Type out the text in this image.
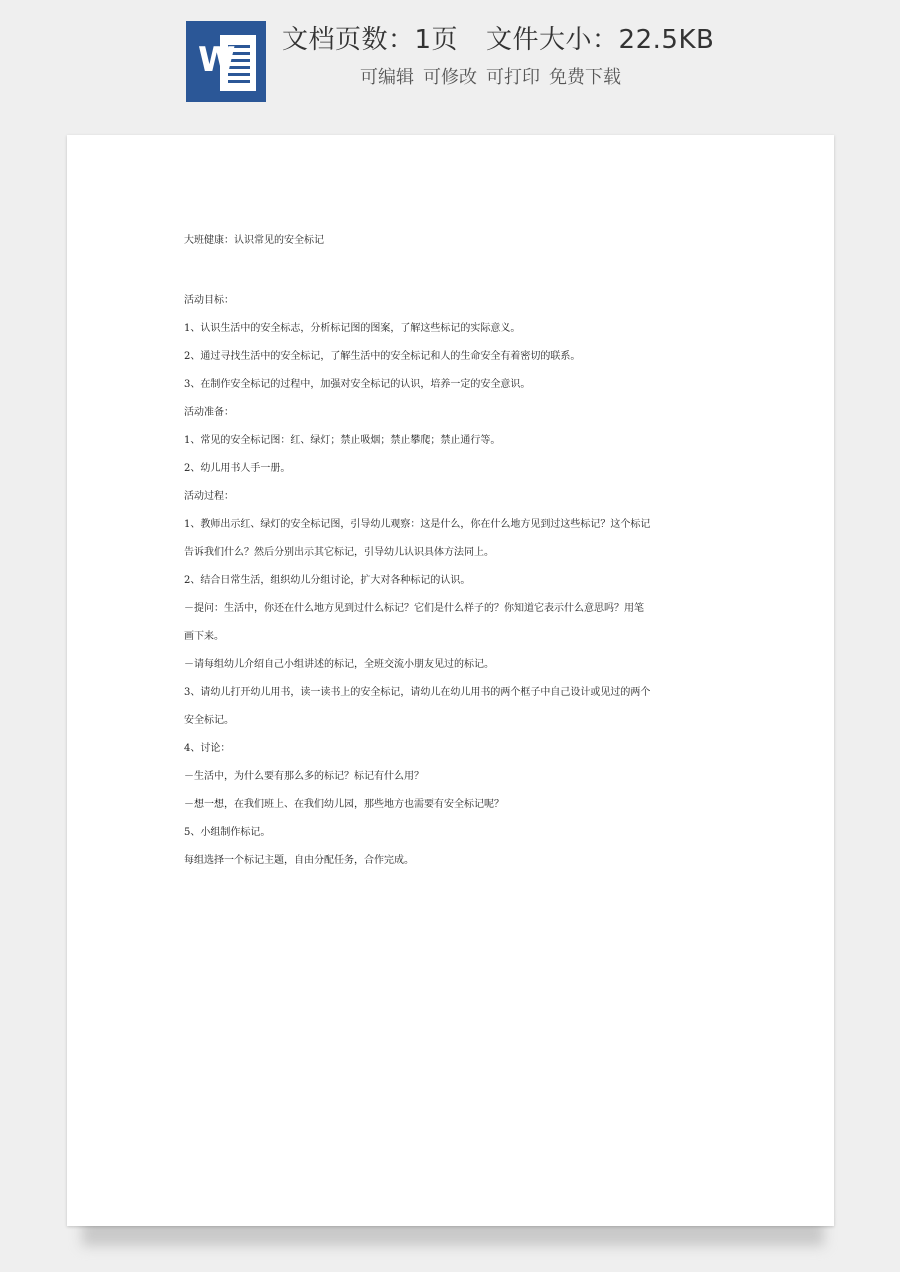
W 文档页数：1页 文件大小：22.5KB
可编辑 可修改 可打印 免费下载
大班健康：认识常见的安全标记
活动目标：
1、认识生活中的安全标志，分析标记图的图案，了解这些标记的实际意义。
2、通过寻找生活中的安全标记，了解生活中的安全标记和人的生命安全有着密切的联系。
3、在制作安全标记的过程中，加强对安全标记的认识，培养一定的安全意识。
活动准备：
1、常见的安全标记图：红、绿灯；禁止吸烟；禁止攀爬；禁止通行等。
2、幼儿用书人手一册。
活动过程：
1、教师出示红、绿灯的安全标记图，引导幼儿观察：这是什么，你在什么地方见到过这些标记？这个标记
告诉我们什么？然后分别出示其它标记，引导幼儿认识具体方法同上。
2、结合日常生活，组织幼儿分组讨论，扩大对各种标记的认识。
－提问：生活中，你还在什么地方见到过什么标记？它们是什么样子的？你知道它表示什么意思吗？用笔
画下来。
－请每组幼儿介绍自己小组讲述的标记，全班交流小朋友见过的标记。
3、请幼儿打开幼儿用书，读一读书上的安全标记，请幼儿在幼儿用书的两个框子中自己设计或见过的两个
安全标记。
4、讨论：
－生活中，为什么要有那么多的标记？标记有什么用？
－想一想，在我们班上、在我们幼儿园，那些地方也需要有安全标记呢？
5、小组制作标记。
每组选择一个标记主题，自由分配任务，合作完成。
